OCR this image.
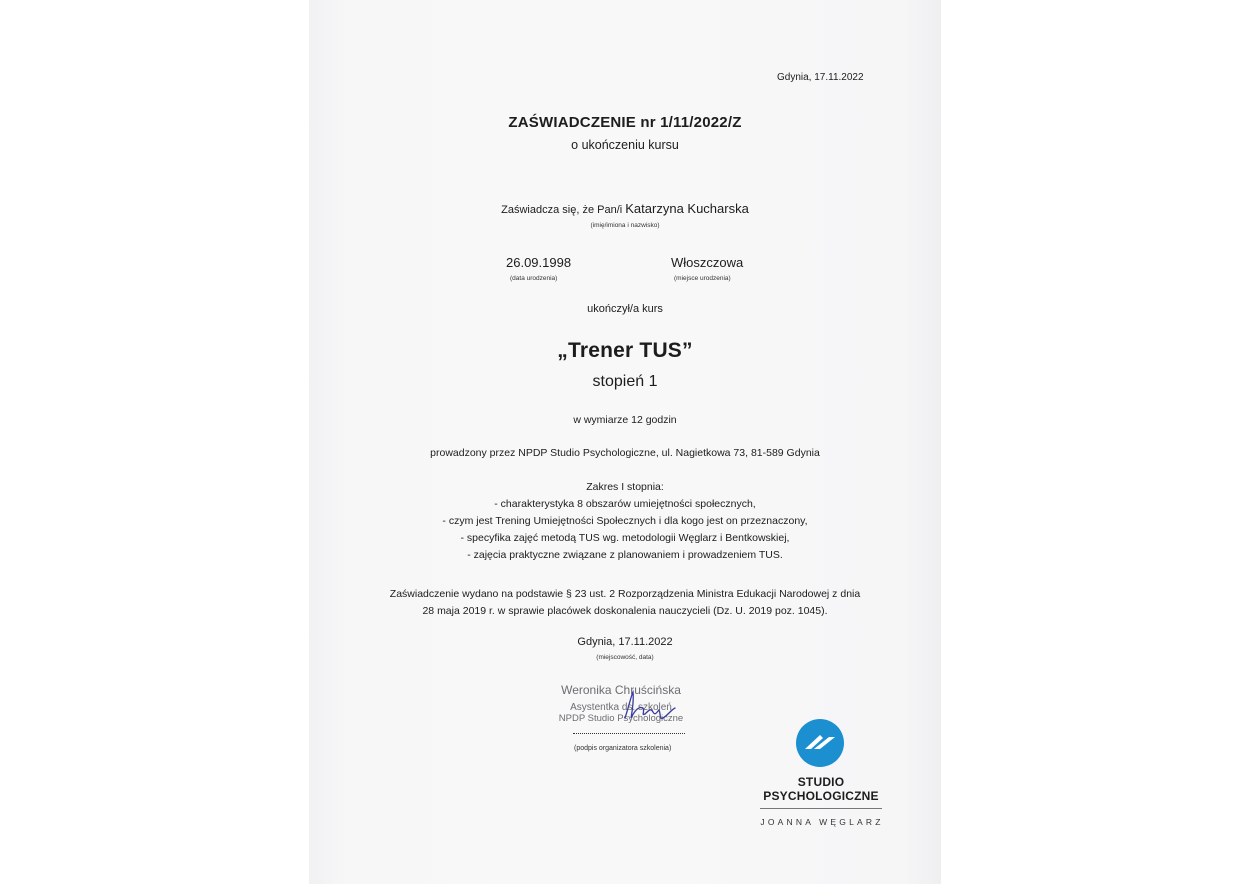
Gdynia, 17.11.2022
ZAŚWIADCZENIE nr 1/11/2022/Z
o ukończeniu kursu
Zaświadcza się, że Pan/i Katarzyna Kucharska
(imię/imiona i nazwisko)
26.09.1998
(data urodzenia)
Włoszczowa
(miejsce urodzenia)
ukończył/a kurs
„Trener TUS”
stopień 1
w wymiarze 12 godzin
prowadzony przez NPDP Studio Psychologiczne, ul. Nagietkowa 73, 81-589 Gdynia
Zakres I stopnia:
- charakterystyka 8 obszarów umiejętności społecznych,
- czym jest Trening Umiejętności Społecznych i dla kogo jest on przeznaczony,
- specyfika zajęć metodą TUS wg. metodologii Węglarz i Bentkowskiej,
- zajęcia praktyczne związane z planowaniem i prowadzeniem TUS.
Zaświadczenie wydano na podstawie § 23 ust. 2 Rozporządzenia Ministra Edukacji Narodowej z dnia
28 maja 2019 r. w sprawie placówek doskonalenia nauczycieli (Dz. U. 2019 poz. 1045).
Gdynia, 17.11.2022
(miejscowość, data)
Weronika Chruścińska
Asystentka ds. szkoleń
NPDP Studio Psychologiczne
(podpis organizatora szkolenia)
STUDIO
PSYCHOLOGICZNE
JOANNA WĘGLARZ
